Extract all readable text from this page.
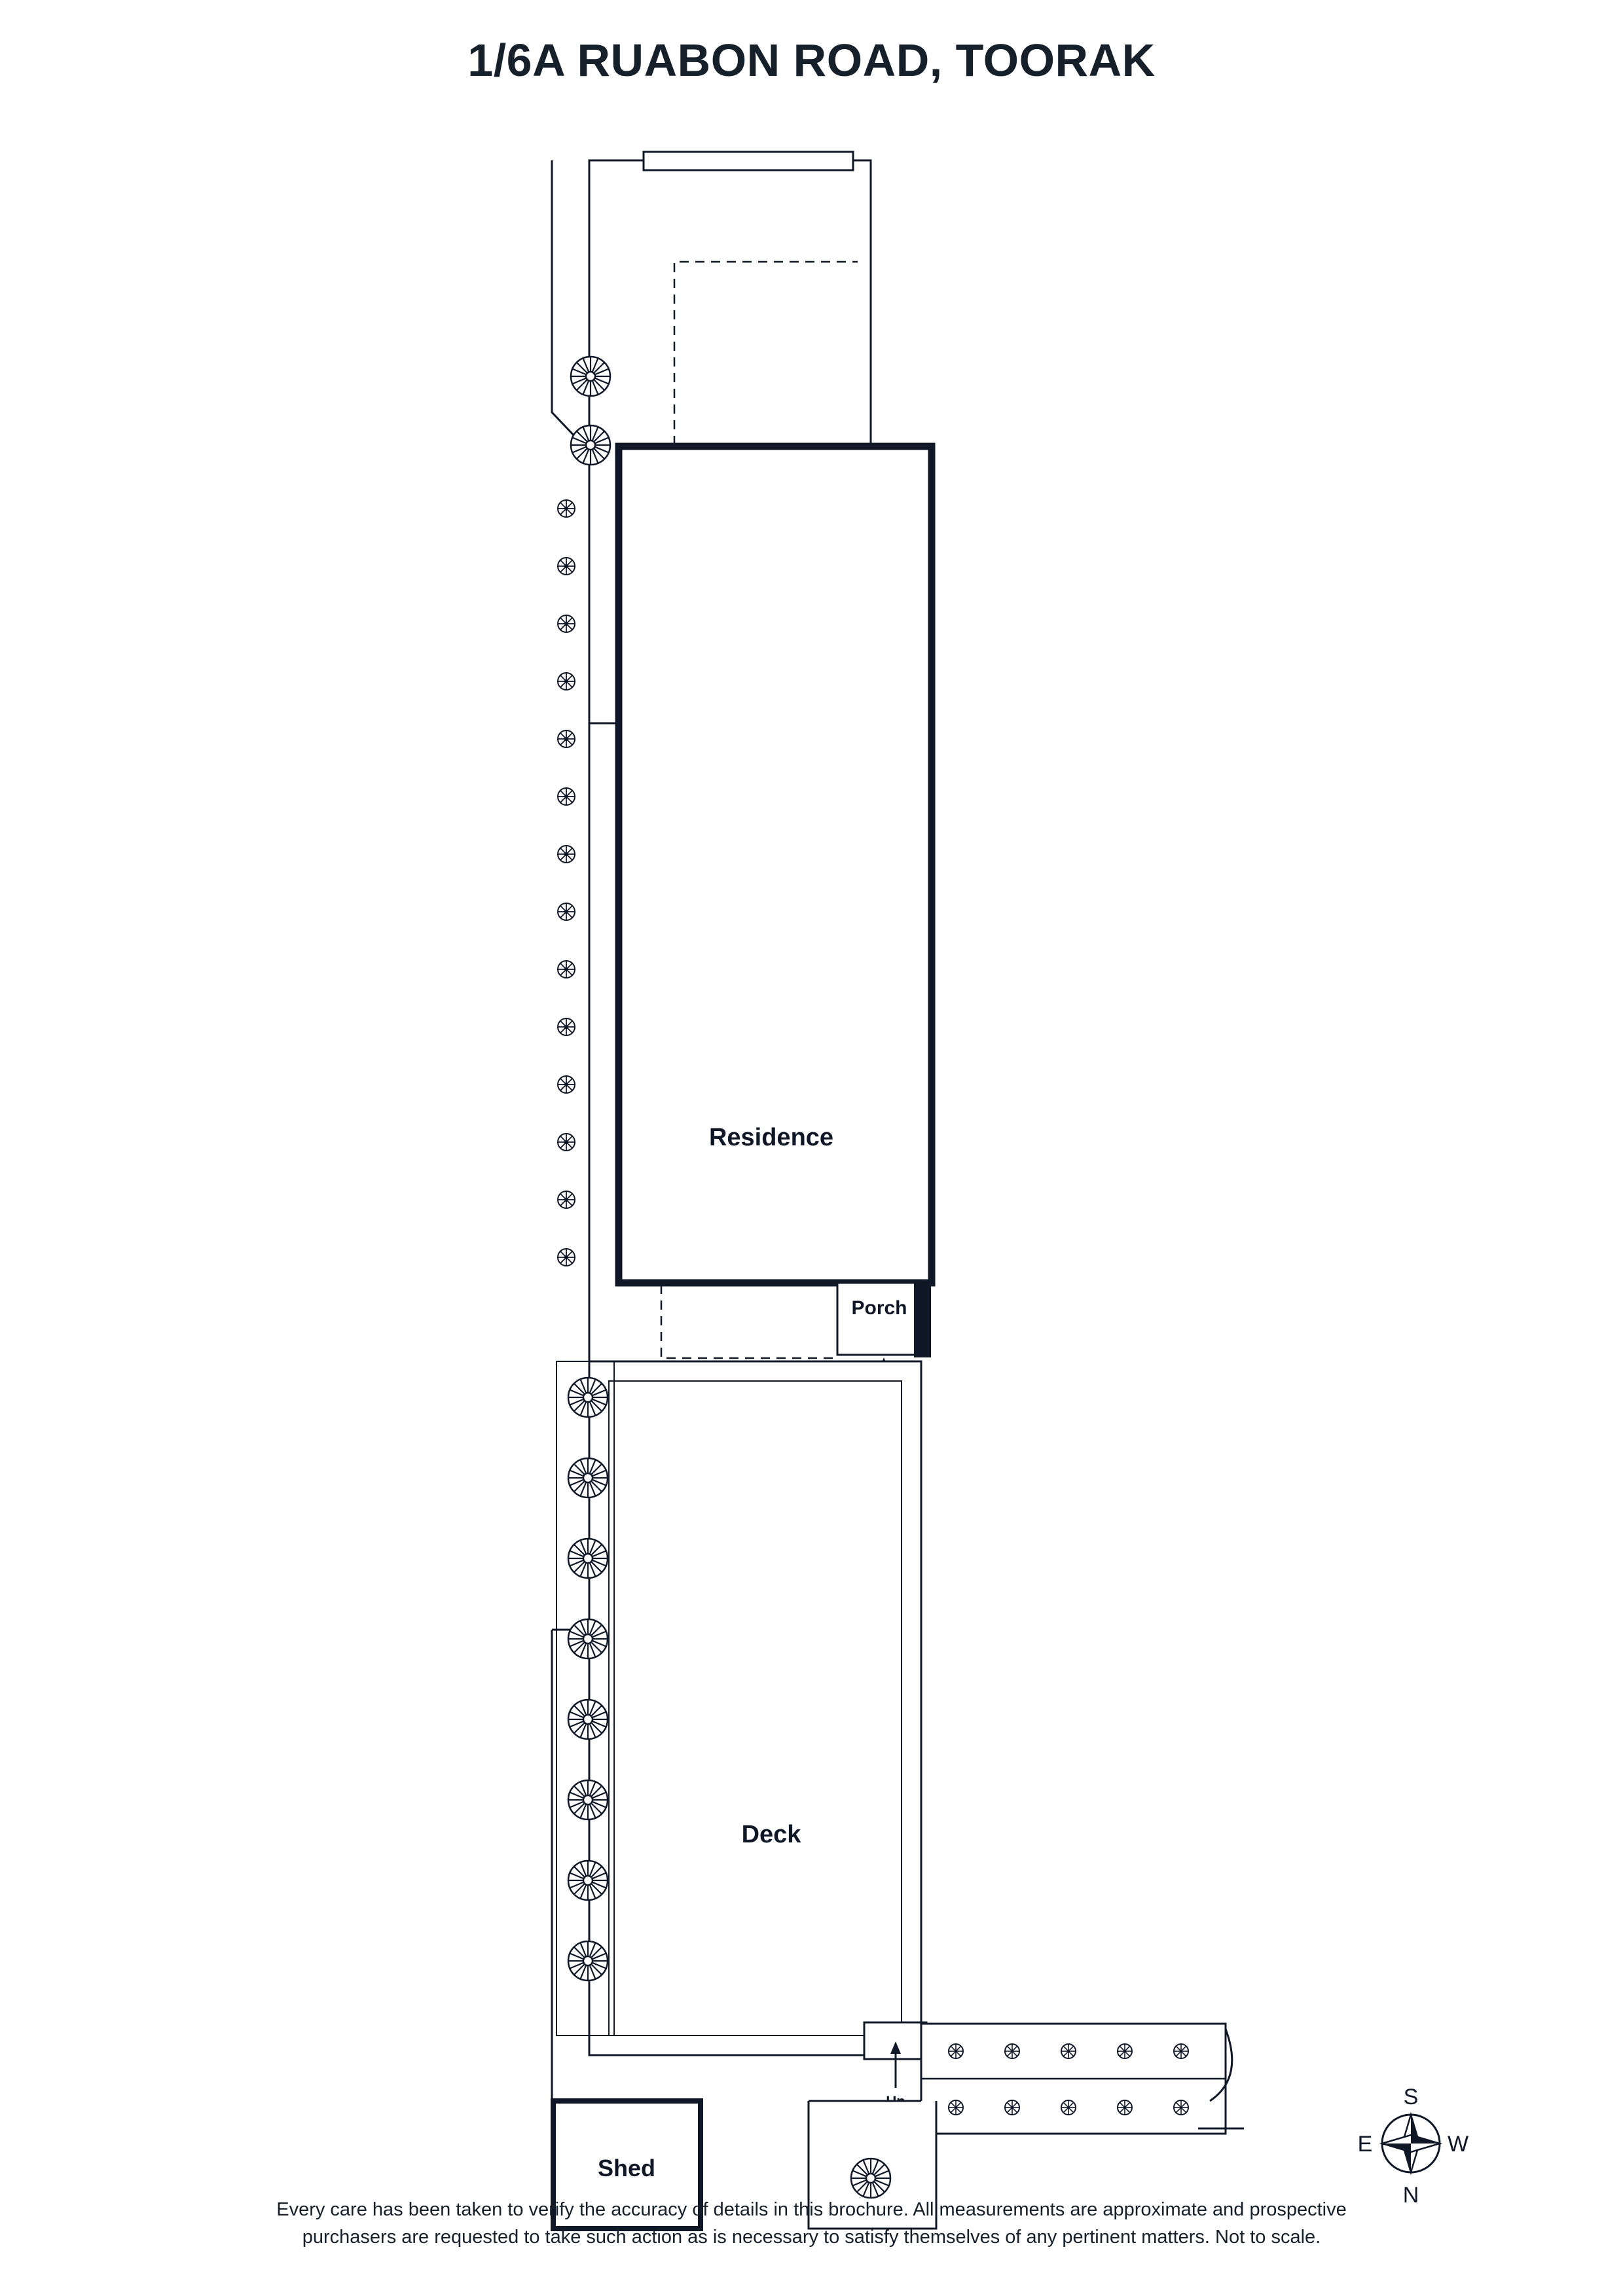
1/6A RUABON ROAD, TOORAK
Residence
Porch
Deck
Shed
S
N
E	W
Every care has been taken to verify the accuracy of details in this brochure. All measurements are approximate and prospective
purchasers are requested to take such action as is necessary to satisfy themselves of any pertinent matters. Not to scale.
